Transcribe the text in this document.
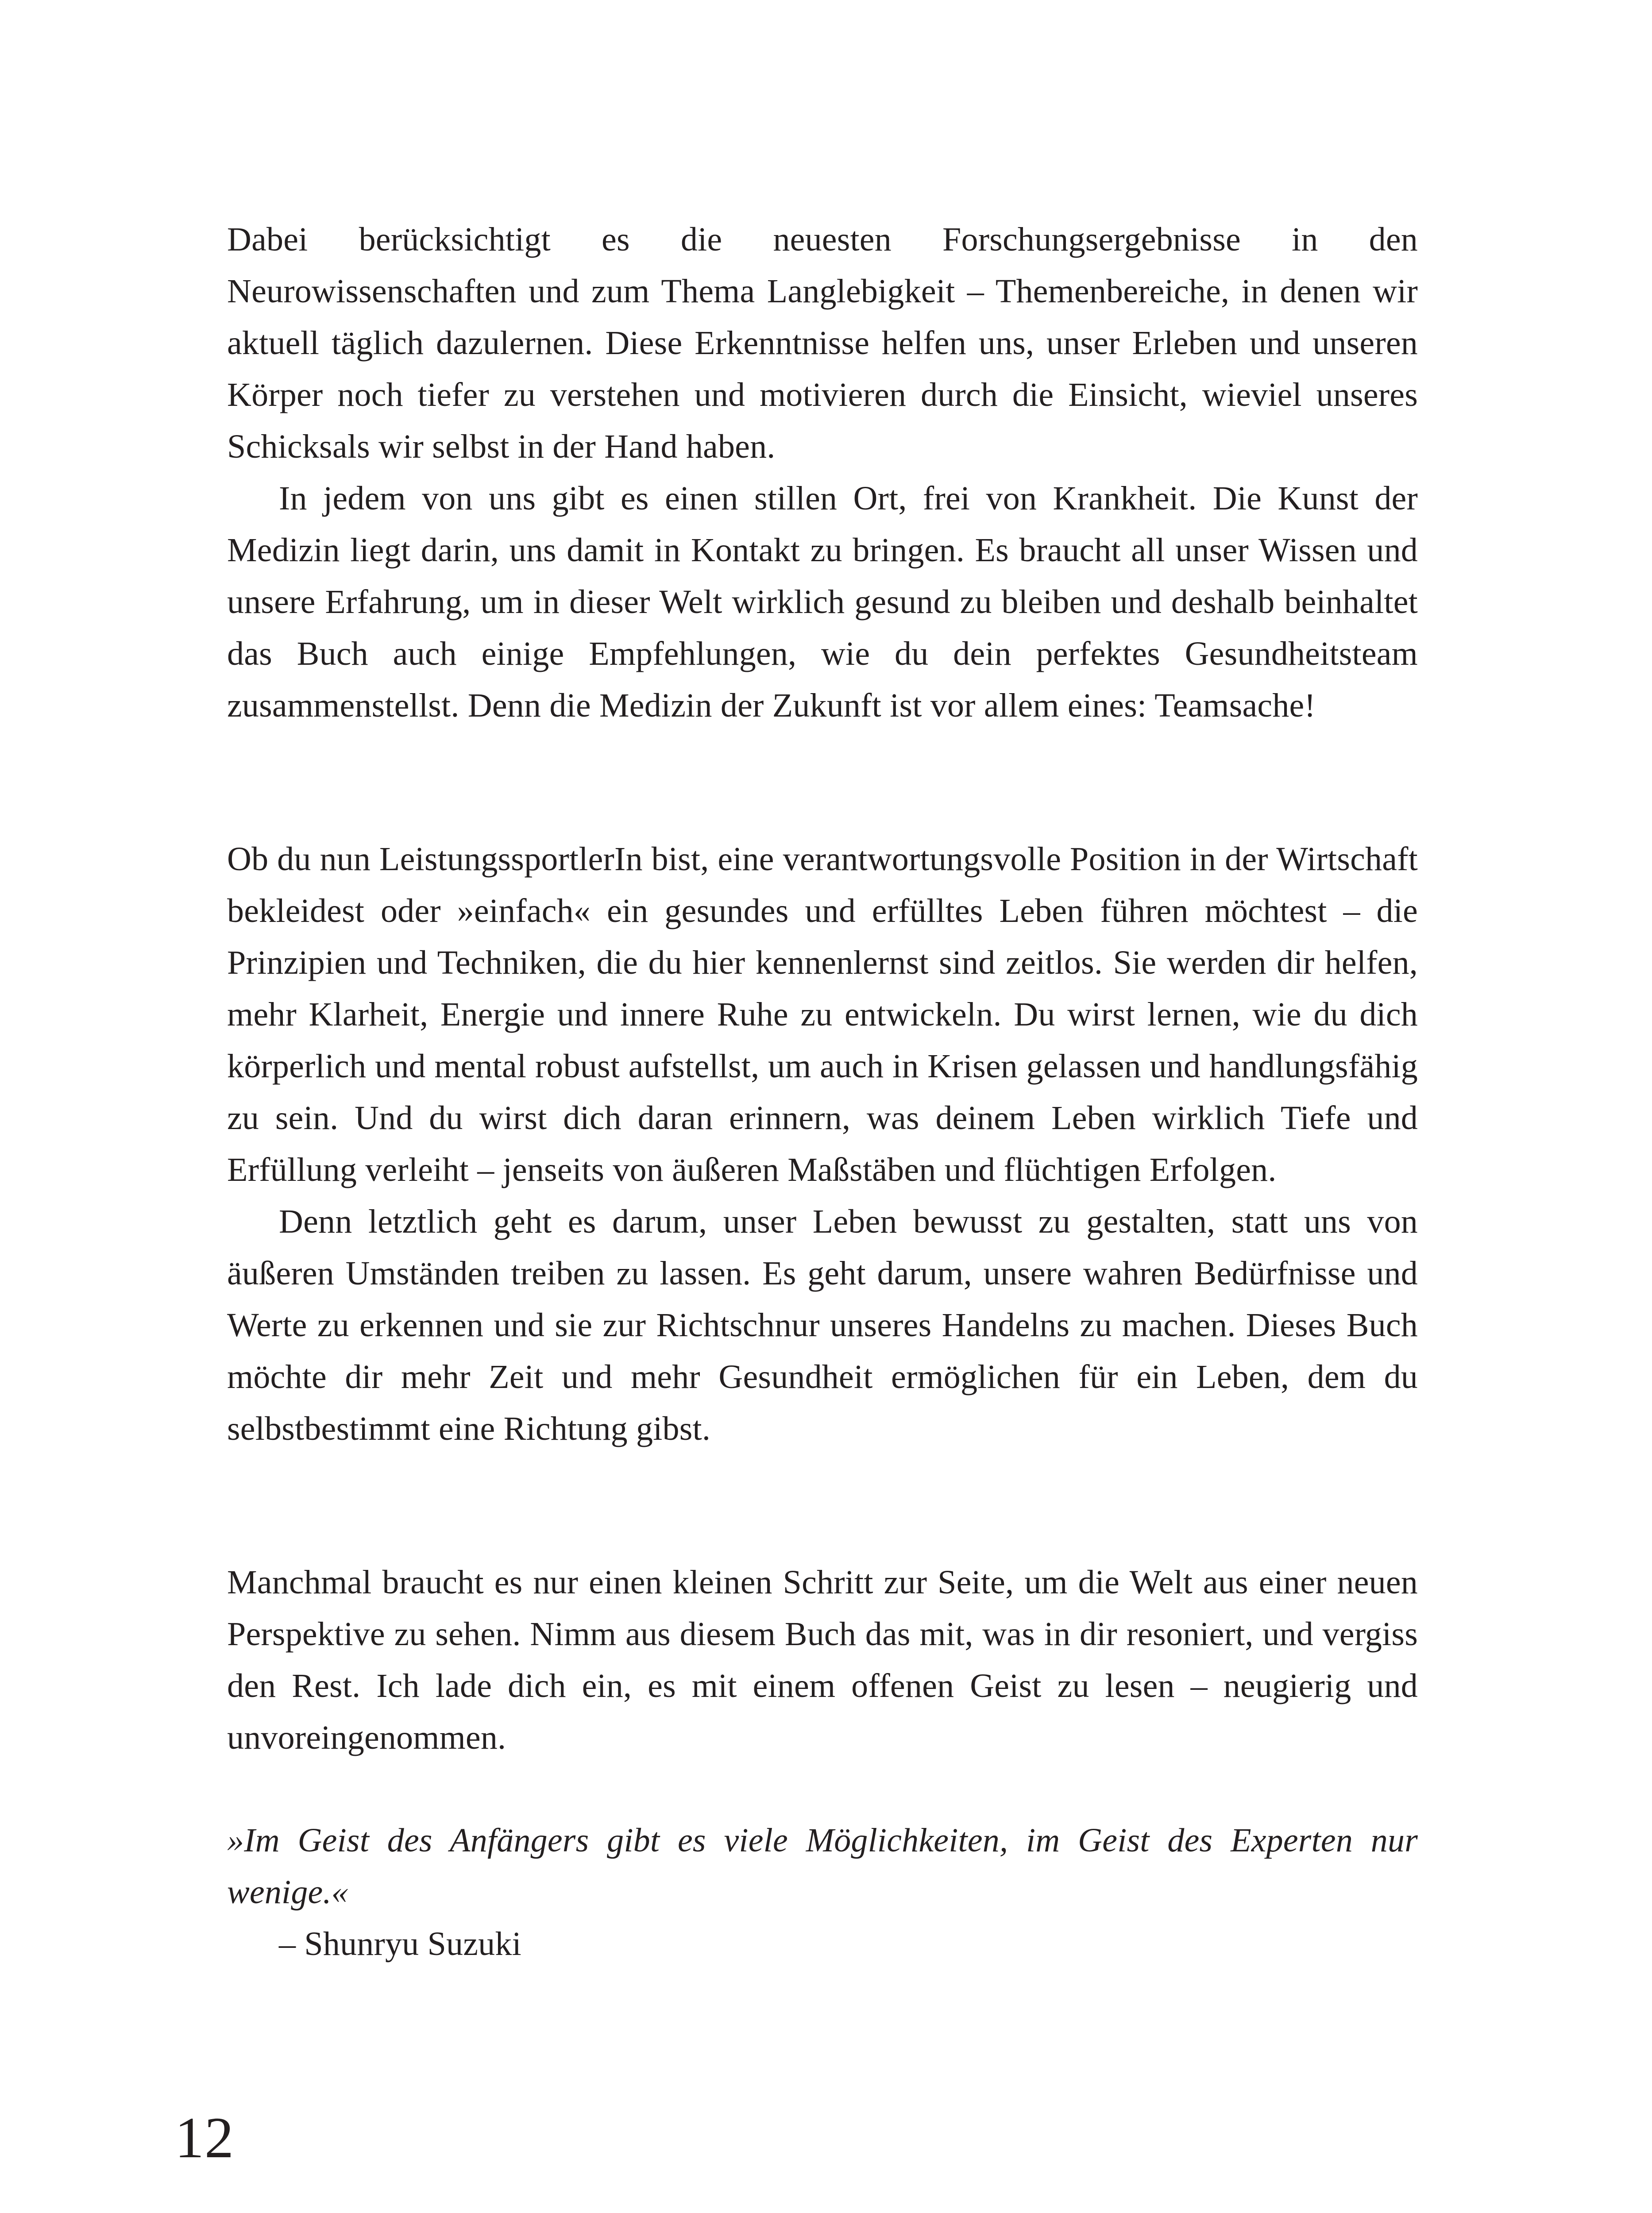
Dabei berücksichtigt es die neuesten Forschungsergebnisse in den Neurowissenschaften und zum Thema Langlebigkeit – Themenbereiche, in denen wir aktuell täglich dazulernen. Diese Erkenntnisse helfen uns, unser Erleben und unseren Körper noch tiefer zu verstehen und motivieren durch die Einsicht, wieviel unseres Schicksals wir selbst in der Hand haben.

In jedem von uns gibt es einen stillen Ort, frei von Krankheit. Die Kunst der Medizin liegt darin, uns damit in Kontakt zu bringen. Es braucht all unser Wissen und unsere Erfahrung, um in dieser Welt wirklich gesund zu bleiben und deshalb beinhaltet das Buch auch einige Empfehlungen, wie du dein perfektes Gesundheitsteam zusammenstellst. Denn die Medizin der Zukunft ist vor allem eines: Teamsache!

Ob du nun LeistungssportlerIn bist, eine verantwortungsvolle Position in der Wirtschaft bekleidest oder »einfach« ein gesundes und erfülltes Leben führen möchtest – die Prinzipien und Techniken, die du hier kennenlernst sind zeitlos. Sie werden dir helfen, mehr Klarheit, Energie und innere Ruhe zu entwickeln. Du wirst lernen, wie du dich körperlich und mental robust aufstellst, um auch in Krisen gelassen und handlungsfähig zu sein. Und du wirst dich daran erinnern, was deinem Leben wirklich Tiefe und Erfüllung verleiht – jenseits von äußeren Maßstäben und flüchtigen Erfolgen.

Denn letztlich geht es darum, unser Leben bewusst zu gestalten, statt uns von äußeren Umständen treiben zu lassen. Es geht darum, unsere wahren Bedürfnisse und Werte zu erkennen und sie zur Richtschnur unseres Handelns zu machen. Dieses Buch möchte dir mehr Zeit und mehr Gesundheit ermöglichen für ein Leben, dem du selbstbestimmt eine Richtung gibst.

Manchmal braucht es nur einen kleinen Schritt zur Seite, um die Welt aus einer neuen Perspektive zu sehen. Nimm aus diesem Buch das mit, was in dir resoniert, und vergiss den Rest. Ich lade dich ein, es mit einem offenen Geist zu lesen – neugierig und unvoreingenommen.

»Im Geist des Anfängers gibt es viele Möglichkeiten, im Geist des Experten nur wenige.«

– Shunryu Suzuki

12
